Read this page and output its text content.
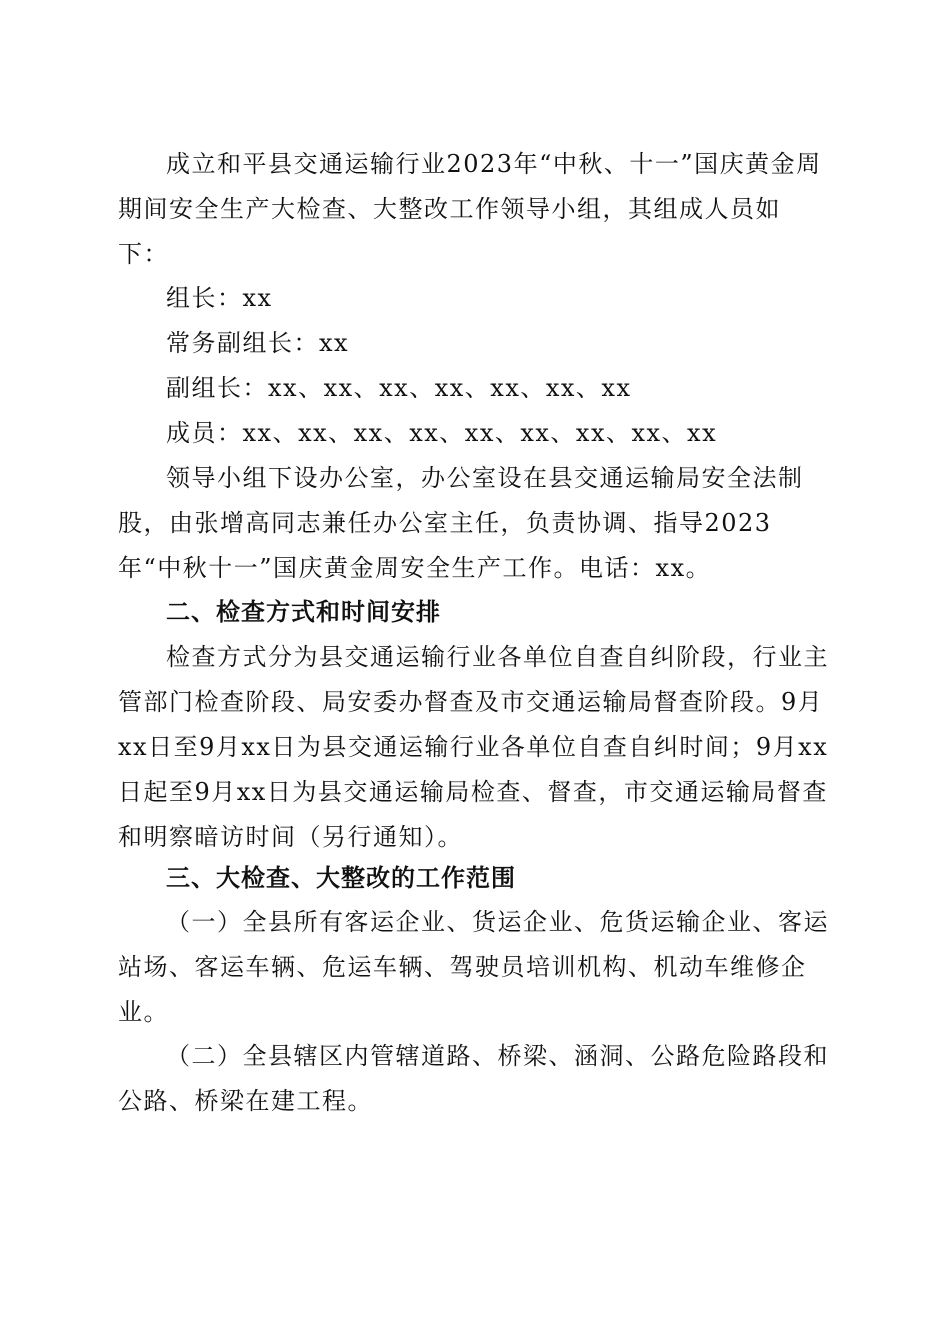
成立和平县交通运输行业2023年“中秋、十一”国庆黄金周期间安全生产大检查、大整改工作领导小组，其组成人员如下：

组长：xx

常务副组长：xx

副组长：xx、xx、xx、xx、xx、xx、xx

成员：xx、xx、xx、xx、xx、xx、xx、xx、xx

领导小组下设办公室，办公室设在县交通运输局安全法制股，由张增高同志兼任办公室主任，负责协调、指导2023年“中秋十一”国庆黄金周安全生产工作。电话：xx。

二、检查方式和时间安排

检查方式分为县交通运输行业各单位自查自纠阶段，行业主管部门检查阶段、局安委办督查及市交通运输局督查阶段。9月xx日至9月xx日为县交通运输行业各单位自查自纠时间；9月xx日起至9月xx日为县交通运输局检查、督查，市交通运输局督查和明察暗访时间（另行通知）。

三、大检查、大整改的工作范围

（一）全县所有客运企业、货运企业、危货运输企业、客运站场、客运车辆、危运车辆、驾驶员培训机构、机动车维修企业。

（二）全县辖区内管辖道路、桥梁、涵洞、公路危险路段和公路、桥梁在建工程。
